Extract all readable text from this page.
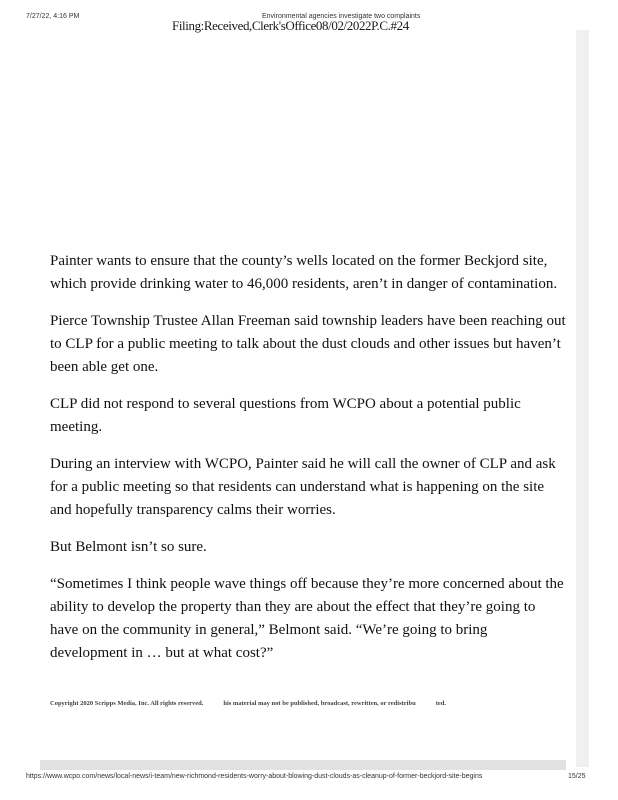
7/27/22, 4:16 PM	Environmental agencies investigate two complaints
Filing:Received,Clerk'sOffice08/02/2022P.C.#24

Painter wants to ensure that the county’s wells located on the former Beckjord site, which provide drinking water to 46,000 residents, aren’t in danger of contamination.

Pierce Township Trustee Allan Freeman said township leaders have been reaching out to CLP for a public meeting to talk about the dust clouds and other issues but haven’t been able get one.

CLP did not respond to several questions from WCPO about a potential public meeting.

During an interview with WCPO, Painter said he will call the owner of CLP and ask for a public meeting so that residents can understand what is happening on the site and hopefully transparency calms their worries.

But Belmont isn’t so sure.

“Sometimes I think people wave things off because they’re more concerned about the ability to develop the property than they are about the effect that they’re going to have on the community in general,” Belmont said. “We’re going to bring development in … but at what cost?”

Copyright 2020 Scripps Media, Inc. All rights reserved.	his material may not be published, broadcast, rewritten, or redistribu	ted.
https://www.wcpo.com/news/local-news/i-team/new-richmond-residents-worry-about-blowing-dust-clouds-as-cleanup-of-former-beckjord-site-begins	15/25
